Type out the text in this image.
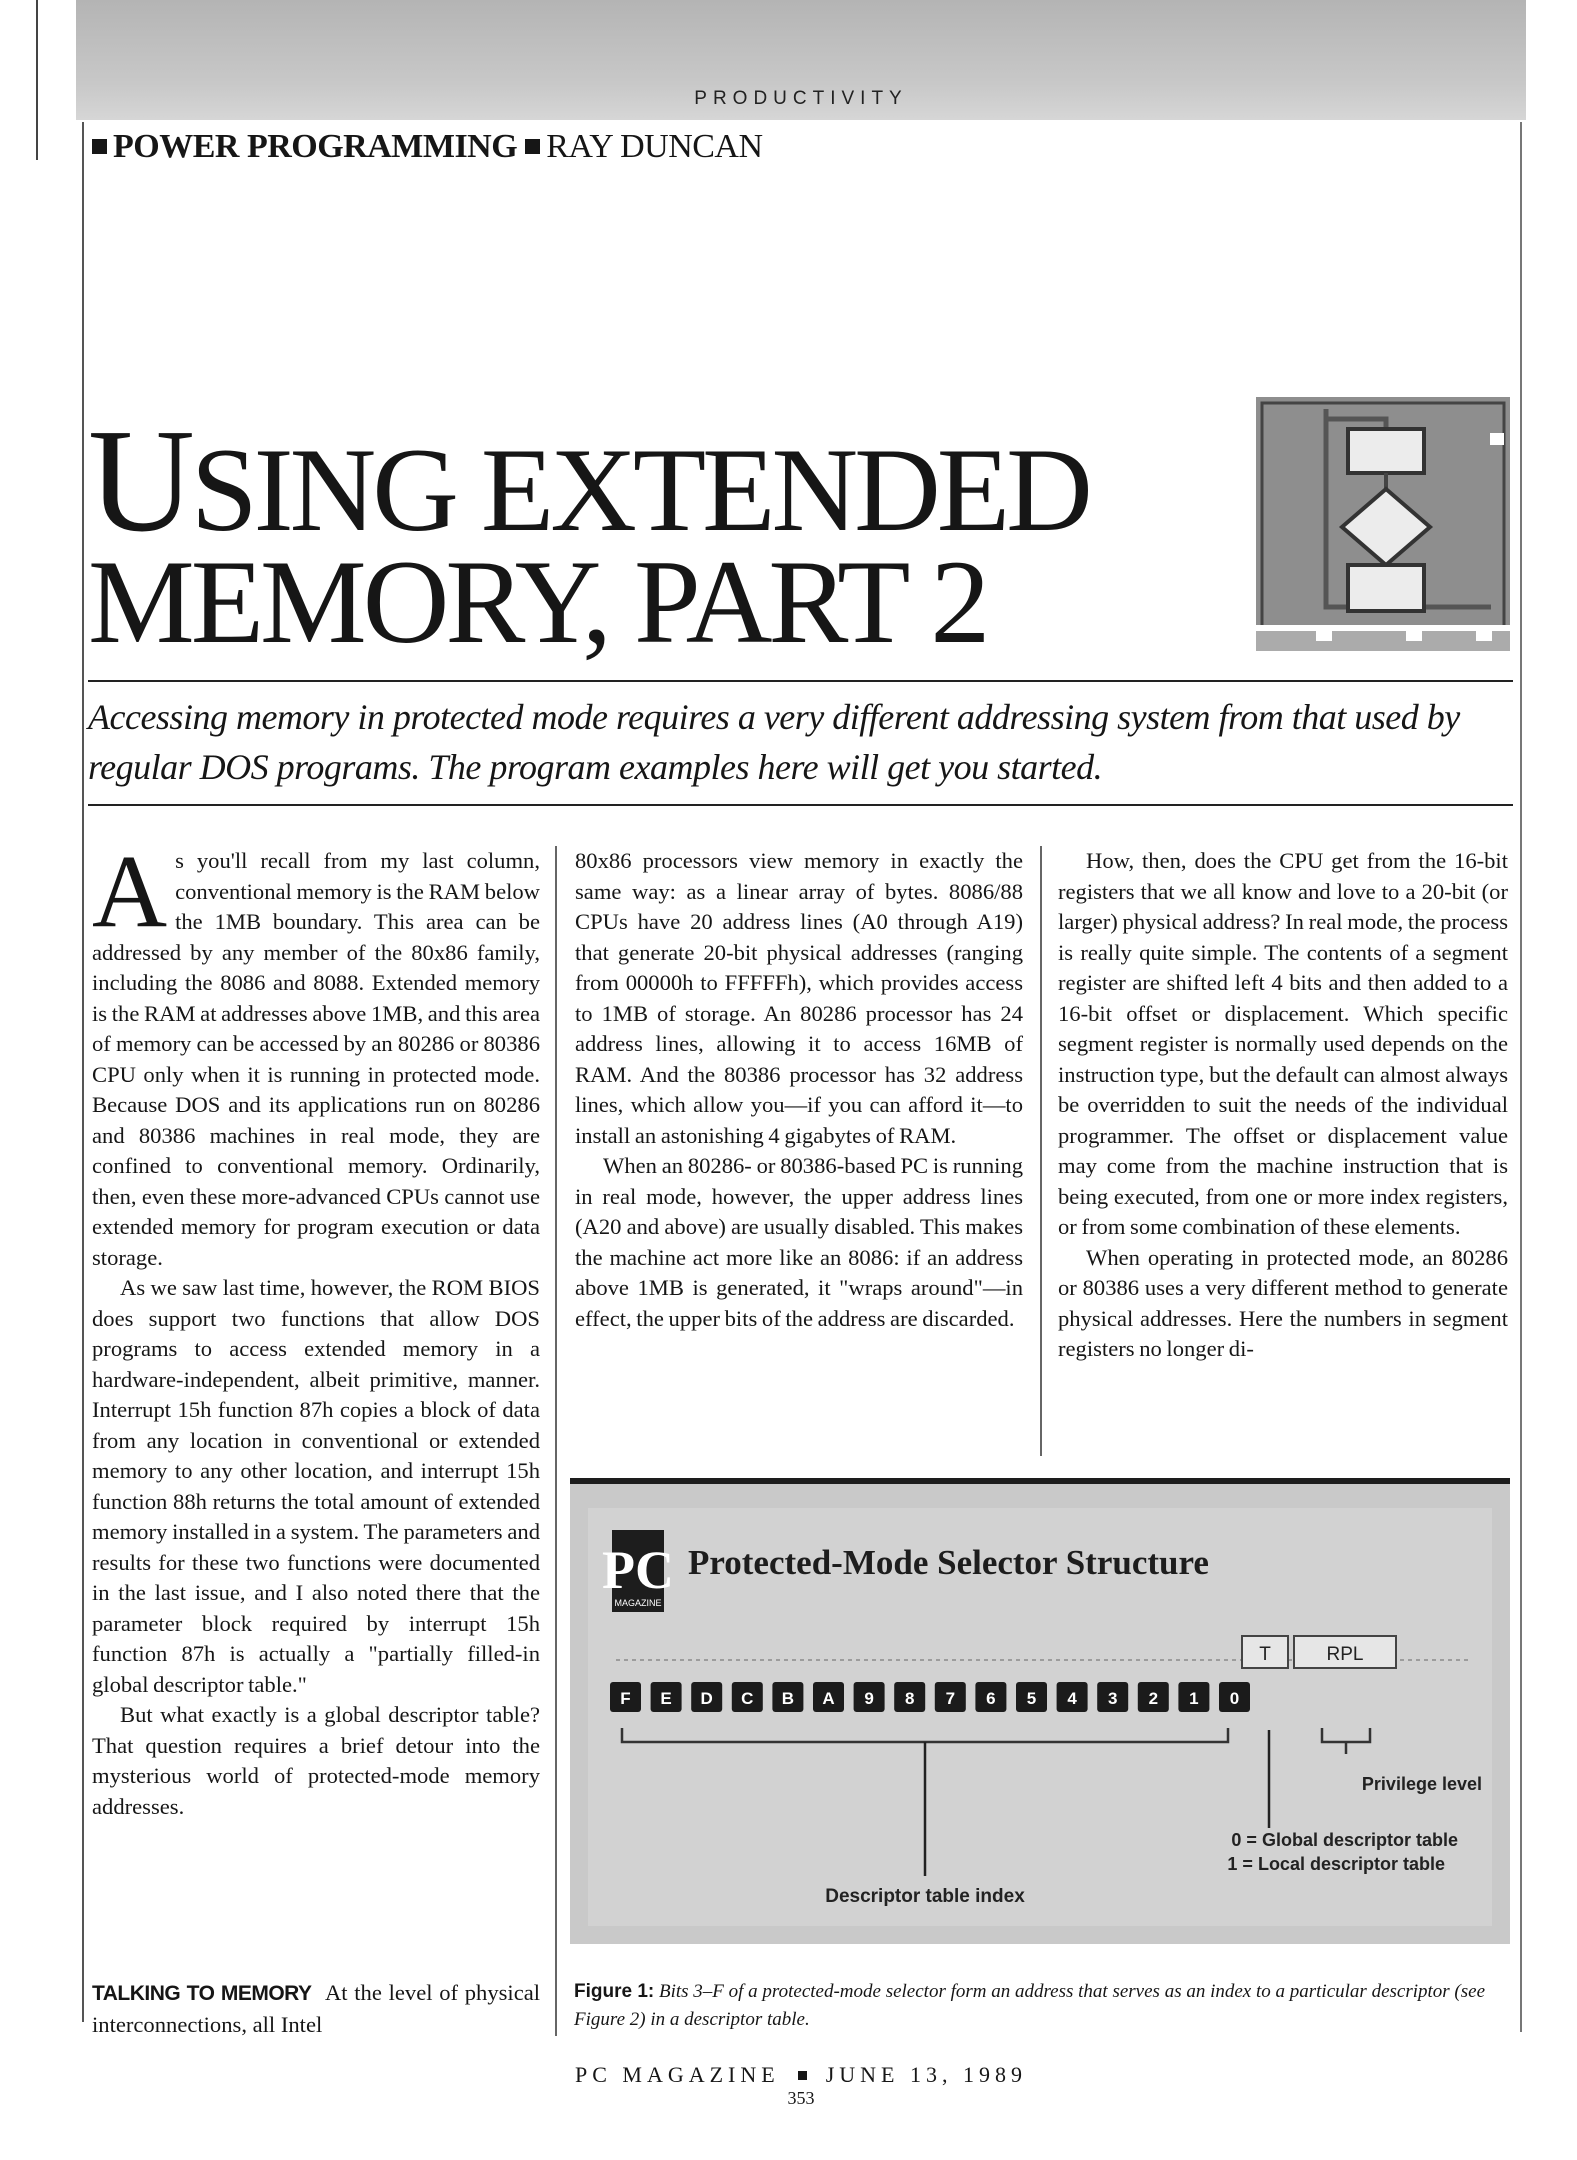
PRODUCTIVITY
POWER PROGRAMMING RAY DUNCAN
USING EXTENDED
MEMORY, PART 2
Accessing memory in protected mode requires a very different addressing system from that used by regular DOS programs. The program examples here will get you started.

As you'll recall from my last column, conventional memory is the RAM below the 1MB boundary. This area can be addressed by any member of the 80x86 family, including the 8086 and 8088. Extended memory is the RAM at addresses above 1MB, and this area of memory can be accessed by an 80286 or 80386 CPU only when it is running in protected mode. Because DOS and its applications run on 80286 and 80386 machines in real mode, they are confined to conventional memory. Ordinarily, then, even these more-advanced CPUs cannot use extended memory for program execution or data storage.

As we saw last time, however, the ROM BIOS does support two functions that allow DOS programs to access extended memory in a hardware-independent, albeit primitive, manner. Interrupt 15h function 87h copies a block of data from any location in conventional or extended memory to any other location, and interrupt 15h function 88h returns the total amount of extended memory installed in a system. The parameters and results for these two functions were documented in the last issue, and I also noted there that the parameter block required by interrupt 15h function 87h is actually a "partially filled-in global descriptor table."

But what exactly is a global descriptor table? That question requires a brief detour into the mysterious world of protected-mode memory addresses.

TALKING TO MEMORY At the level of physical interconnections, all Intel

80x86 processors view memory in exactly the same way: as a linear array of bytes. 8086/88 CPUs have 20 address lines (A0 through A19) that generate 20-bit physical addresses (ranging from 00000h to FFFFFh), which provides access to 1MB of storage. An 80286 processor has 24 address lines, allowing it to access 16MB of RAM. And the 80386 processor has 32 address lines, which allow you—if you can afford it—to install an astonishing 4 gigabytes of RAM.

When an 80286- or 80386-based PC is running in real mode, however, the upper address lines (A20 and above) are usually disabled. This makes the machine act more like an 8086: if an address above 1MB is generated, it "wraps around"—in effect, the upper bits of the address are discarded.

How, then, does the CPU get from the 16-bit registers that we all know and love to a 20-bit (or larger) physical address? In real mode, the process is really quite simple. The contents of a segment register are shifted left 4 bits and then added to a 16-bit offset or displacement. Which specific segment register is normally used depends on the instruction type, but the default can almost always be overridden to suit the needs of the individual programmer. The offset or displacement value may come from the machine instruction that is being executed, from one or more index registers, or from some combination of these elements.

When operating in protected mode, an 80286 or 80386 uses a very different method to generate physical addresses. Here the numbers in segment registers no longer di-

PC
MAGAZINE
Protected-Mode Selector Structure
T	RPL
F E D C B A 9 8 7 6 5 4 3 2 1 0
Descriptor table index
0 = Global descriptor table
1 = Local descriptor table
Privilege level
Figure 1: Bits 3–F of a protected-mode selector form an address that serves as an index to a particular descriptor (see Figure 2) in a descriptor table.
PC MAGAZINE JUNE 13, 1989
353
